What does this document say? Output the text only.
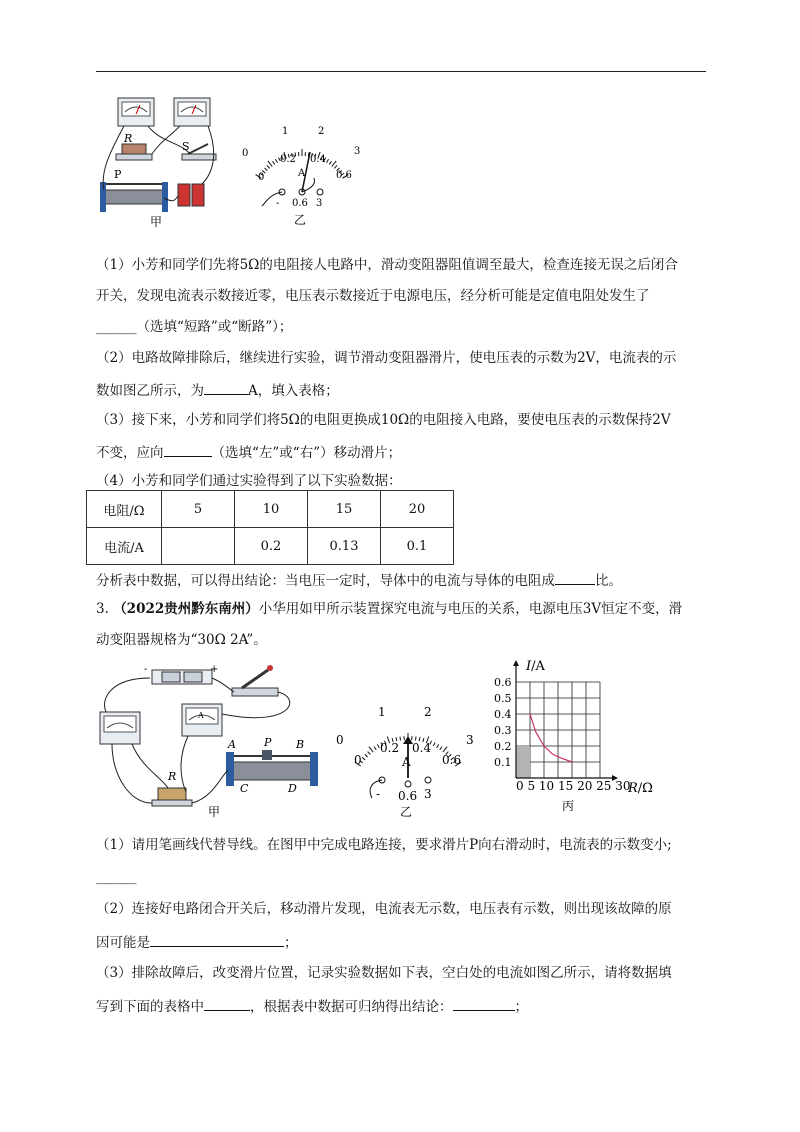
R
S
P
甲
0
0.2 0.4
0.6
0
1	2
3
A
- 0.6 3
乙
（1）小芳和同学们先将5Ω的电阻接人电路中，滑动变阻器阻值调至最大，检查连接无误之后闭合
开关，发现电流表示数接近零，电压表示数接近于电源电压，经分析可能是定值电阻处发生了
______（选填“短路”或“断路”）；
（2）电路故障排除后，继续进行实验，调节滑动变阻器滑片，使电压表的示数为2V，电流表的示
数如图乙所示，为	A，填入表格；
（3）接下来，小芳和同学们将5Ω的电阻更换成10Ω的电阻接入电路，要使电压表的示数保持2V
不变，应向	（选填“左”或“右”）移动滑片；
（4）小芳和同学们通过实验得到了以下实验数据：
电阻/Ω	5	10	15	20
电流/A		0.2	0.13	0.1
分析表中数据，可以得出结论：当电压一定时，导体中的电流与导体的电阻成	比。
3. （2022贵州黔东南州）小华用如甲所示装置探究电流与电压的关系，电源电压3V恒定不变，滑
动变阻器规格为“30Ω 2A”。
-	+
A
R
A	P B
C	D
甲
0
1	2
3
0
0.2 0.4
0.6
A
- 0.6 3
乙
0.6
0.5
0.4
0.3
0.2
0.1
I/A
0 5 10 15 20 25 30
R/Ω
丙
（1）请用笔画线代替导线。在图甲中完成电路连接，要求滑片P向右滑动时，电流表的示数变小;
______
（2）连接好电路闭合开关后，移动滑片发现，电流表无示数，电压表有示数，则出现该故障的原
因可能是	；
（3）排除故障后，改变滑片位置，记录实验数据如下表，空白处的电流如图乙所示，请将数据填
写到下面的表格中	，根据表中数据可归纳得出结论：	；
